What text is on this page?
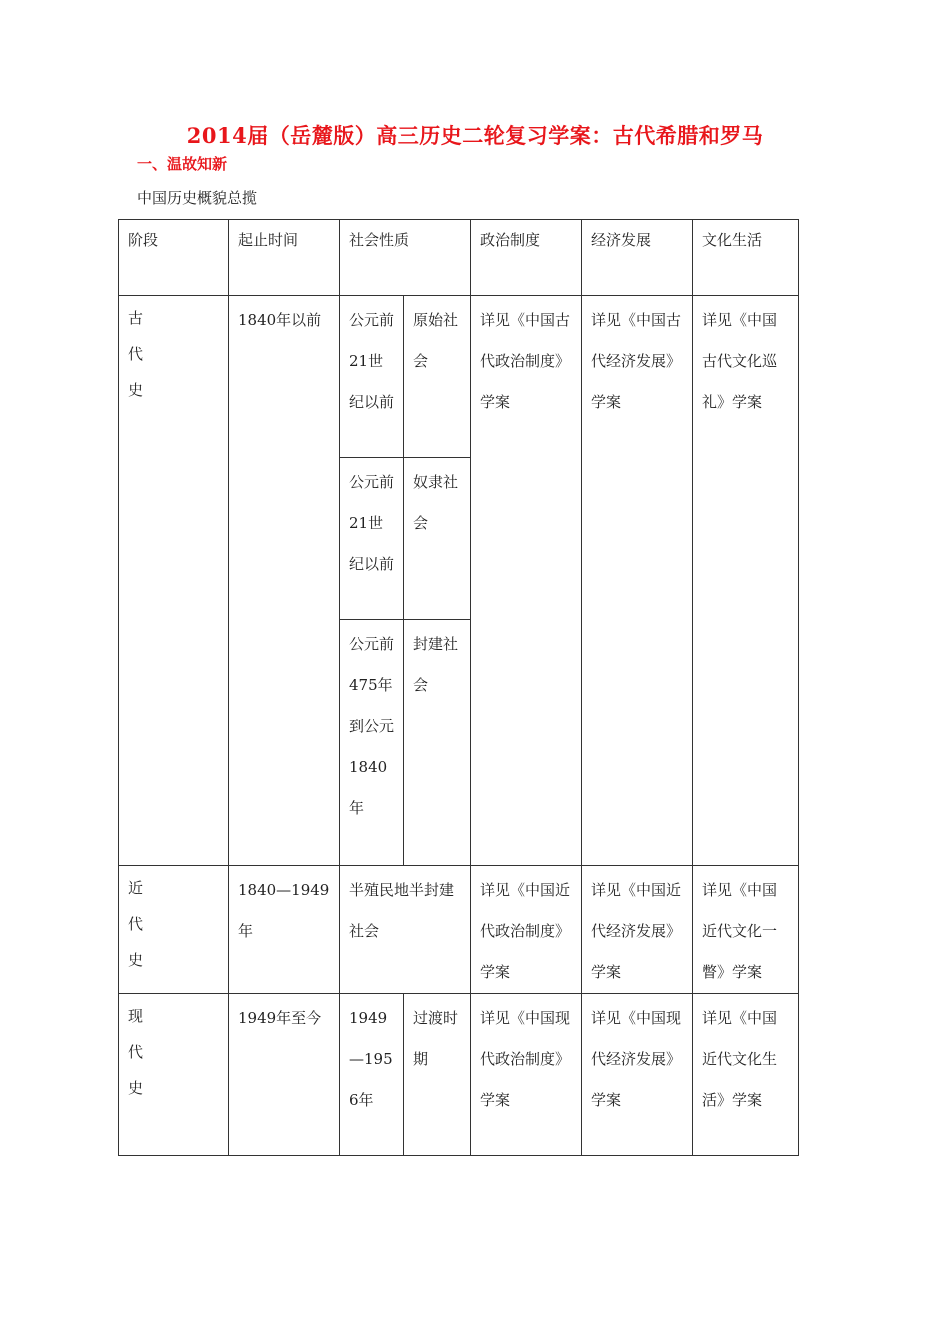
2014届（岳麓版）高三历史二轮复习学案：古代希腊和罗马
一、温故知新
中国历史概貌总揽
阶段	起止时间	社会性质		政治制度	经济发展	文化生活

古代史	1840年以前	公元前21世纪以前	原始社会	详见《中国古代政治制度》学案	详见《中国古代经济发展》学案	详见《中国古代文化巡礼》学案
		公元前21世纪以前	奴隶社会			
		公元前475年到公元1840年	封建社会			

近代史	1840—1949年	半殖民地半封建社会		详见《中国近代政治制度》学案	详见《中国近代经济发展》学案	详见《中国近代文化一瞥》学案

现代史	1949年至今	1949—1956年	过渡时期	详见《中国现代政治制度》学案	详见《中国现代经济发展》学案	详见《中国近代文化生活》学案
